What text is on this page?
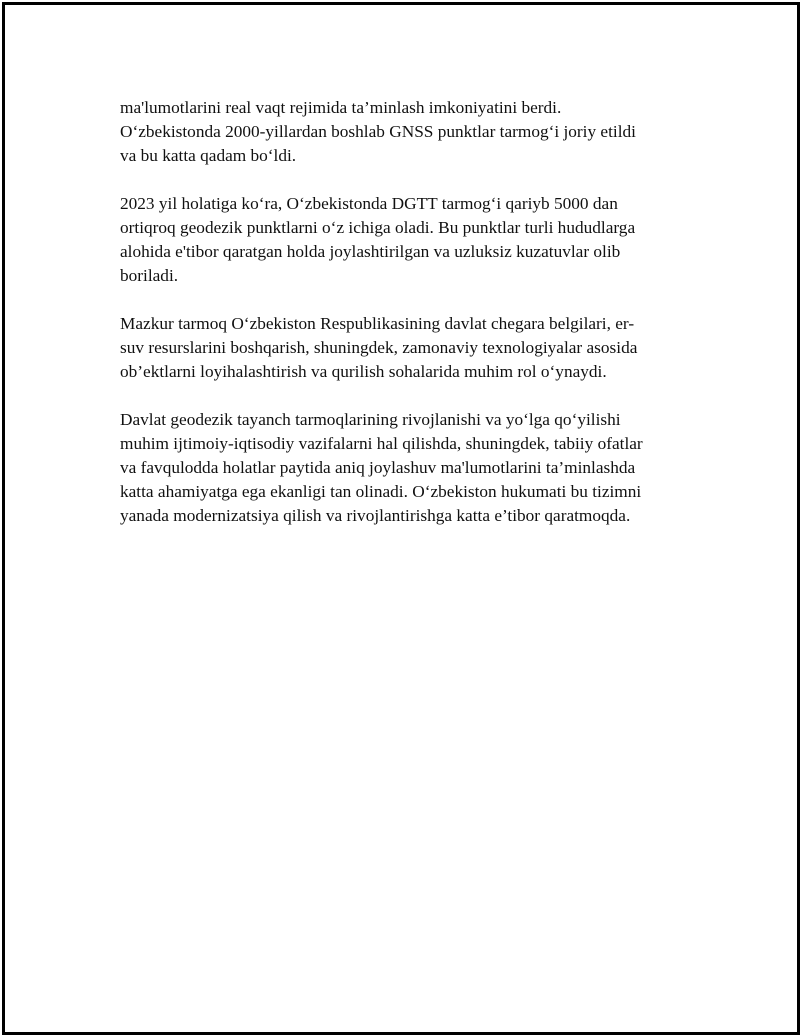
ma'lumotlarini real vaqt rejimida ta’minlash imkoniyatini berdi.
O‘zbekistonda 2000-yillardan boshlab GNSS punktlar tarmog‘i joriy etildi
va bu katta qadam bo‘ldi.

2023 yil holatiga ko‘ra, O‘zbekistonda DGTT tarmog‘i qariyb 5000 dan
ortiqroq geodezik punktlarni o‘z ichiga oladi. Bu punktlar turli hududlarga
alohida e'tibor qaratgan holda joylashtirilgan va uzluksiz kuzatuvlar olib
boriladi.

Mazkur tarmoq O‘zbekiston Respublikasining davlat chegara belgilari, er-
suv resurslarini boshqarish, shuningdek, zamonaviy texnologiyalar asosida
ob’ektlarni loyihalashtirish va qurilish sohalarida muhim rol o‘ynaydi.

Davlat geodezik tayanch tarmoqlarining rivojlanishi va yo‘lga qo‘yilishi
muhim ijtimoiy-iqtisodiy vazifalarni hal qilishda, shuningdek, tabiiy ofatlar
va favqulodda holatlar paytida aniq joylashuv ma'lumotlarini ta’minlashda
katta ahamiyatga ega ekanligi tan olinadi. O‘zbekiston hukumati bu tizimni
yanada modernizatsiya qilish va rivojlantirishga katta e’tibor qaratmoqda.
